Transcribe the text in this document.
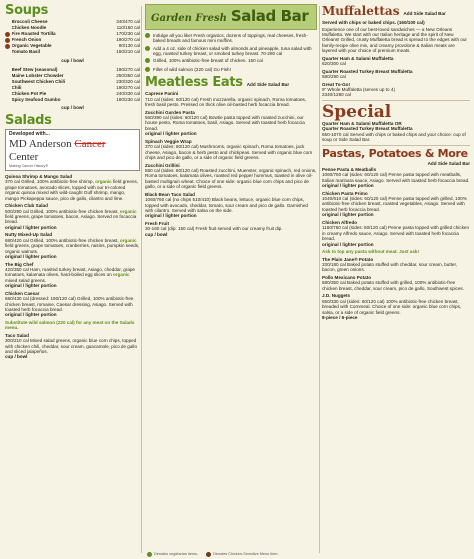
Soups
Broccoli Cheese	340/470 cal
Chicken Noodle	110/160 cal
Fire Roasted Tortilla	170/230 cal
French Onion	190/270 cal
Organic Vegetable	90/130 cal
Tomato Basil	150/210 cal
cup / bowl
Beef Stew (seasonal)	190/270 cal
Maine Lobster Chowder	250/350 cal
Southwest Chicken Chili	230/320 cal
Chili	190/270 cal
Chicken Pot Pie	240/330 cal
Spicy Seafood Gumbo	160/230 cal
cup / bowl
Salads
Developed with...
MD Anderson Cancer Center
Making Cancer History®
Quinoa Shrimp & Mango Salad
370 cal Grilled, 100% antibiotic-free shrimp, organic field greens, grape tomatoes, avocado slices, topped with our tri-colored organic quinoa mixed with wild-caught Gulf shrimp, mango, mango Pickapeppa sauce, pico de gallo, cilantro and lime.
Chicken Club Salad
500/290 cal Grilled, 100% antibiotic-free chicken breast, organic field greens, grape tomatoes, bacon, Asiago. Served on focaccia bread.
original / lighter portion
Nutty Mixed-Up Salad
680/420 cal Grilled, 100% antibiotic-free chicken breast, organic field greens, grape tomatoes, cranberries, raisins, pumpkin seeds, organic walnuts.
original / lighter portion
The Big Chef
420/360 cal Ham, roasted turkey breast, Asiago, cheddar, grape tomatoes, kalamata olives, hard-boiled egg slices on organic mixed salad greens.
original / lighter portion
Chicken Caesar
680/430 cal (dressed: 190/120 cal) Grilled, 100% antibiotic-free chicken breast, romaine, Caesar dressing, Asiago. Served with toasted herb focaccia bread.
original / lighter portion
Substitute wild salmon (220 cal) for any meat on the Salads menu.
Taco Salad
300/210 cal Mixed salad greens, organic blue corn chips, topped with chicken chili, cheddar, sour cream, guacamole, pico de gallo and sliced jalapeños.
cup / bowl
Garden Fresh Salad Bar
Indulge all you like! Fresh organics, dozens of toppings, real cheeses, fresh-baked breads and famous mini muffins.
Add a 4 oz. side of chicken salad with almonds and pineapple, tuna salad with egg, roasted turkey breast, or smoked turkey breast. 70-280 cal
Grilled, 100% antibiotic-free breast of chicken. 150 cal
Fillet of wild salmon (220 cal) Go Fish!
Meatless Eats Add Side Salad Bar
Caprese Panini
710 cal (sides: 60/120 cal) Fresh mozzarella, organic spinach, Roma tomatoes, fresh basil pesto. Pressed on thick olive oil-basted herb focaccia bread.
Zucchini Garden Pasta
560/390 cal (sides: 60/120 cal) Bowtie pasta topped with roasted zucchini, our house pesto, Roma tomatoes, basil, Asiago. Served with toasted herb focaccia bread.
original / lighter portion
Spinach Veggie Wrap
370 cal (sides: 60/120 cal) Mushrooms, organic spinach, Roma tomatoes, jack cheese, Asiago, bacon & herb pesto and chickpeas. Served with organic blue corn chips and pico de gallo, or a side of organic field greens.
Zucchini Grillini
580 cal (sides: 60/120 cal) Roasted zucchini, Muenster, organic spinach, red onions, Roma tomatoes, kalamata olives, roasted red pepper hummus, toasted in olive oil-basted multigrain wheat. Choice of one side: organic blue corn chips and pico de gallo, or a side of organic field greens.
Black Bean Taco Salad
1060/760 cal (no chips 510/410) Black beans, lettuce, organic blue corn chips, topped with avocado, cheddar, tomato, sour cream and pico de gallo. Garnished with cilantro. Served with salsa on the side.
original / lighter portion
Fresh Fruit
30-160 cal (dip: 150 cal) Fresh fruit served with our creamy fruit dip.
cup / bowl
Muffalettas Add Side Salad Bar
Served with chips or baked chips. (160/100 cal)
Experience one of our best-loved sandwiches — a New Orleans Muffaletta. We start with our Italian heritage and the spirit of New Orleans! Grilled, crusty Muffaletta bread is spread to the edges with our family-recipe olive mix, and creamy provolone & Italian meats are layered with your choice of premium meats.
Quarter Ham & Salami Muffaletta
620/300 cal
Quarter Roasted Turkey Breast Muffaletta
580/290 cal
Great To-Go!
9” Whole Muffaletta (serves up to 4)
2340/1280 cal
Special
Quarter Ham & Salami Muffaletta OR
Quarter Roasted Turkey Breast Muffaletta
650-1070 cal Served with chips or baked chips and your choice: cup of soup or Side Salad Bar.
Pastas, Potatoes & More
Add Side Salad Bar
Penne Pasta & Meatballs
1060/760 cal (sides: 60/120 cal) Penne pasta topped with meatballs, Italian marinara sauce, Asiago. Served with toasted herb focaccia bread.
original / lighter portion
Chicken Pasta Primo
1040/610 cal (sides: 60/120 cal) Penne pasta topped with grilled, 100% antibiotic-free chicken breast, roasted vegetables, Asiago. Served with toasted herb focaccia bread.
original / lighter portion
Chicken Alfredo
1160/760 cal (sides: 60/120 cal) Penne pasta topped with grilled chicken in creamy Alfredo sauce, Asiago. Served with toasted herb focaccia bread.
original / lighter portion
Ask to top any pasta without meat. Just ask!
The Plain Jane® Potato
330/180 cal Baked potato stuffed with cheddar, sour cream, butter, bacon, green onions.
Pollo Mexicano Potato
680/350 cal Baked potato stuffed with grilled, 100% antibiotic-free chicken breast, cheddar, sour cream, pico de gallo, Southwest spices.
J.D. Nuggets
650/330 cal (sides: 60/120 cal) 100% antibiotic-free chicken breast, breaded with Cornmeal. Choice of one side: organic blue corn chips, salsa, or a side of organic field greens.
8-piece / 6-piece
Denotes vegetarian items.	Denotes Chicken-Sensitive Menu item.
